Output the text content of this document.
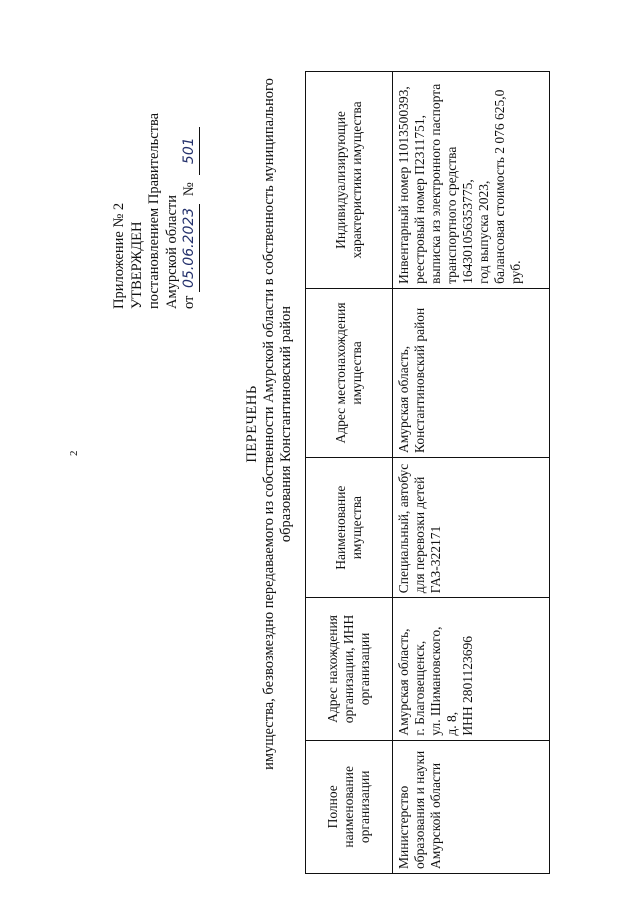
2
Приложение № 2 УТВЕРЖДЕН постановлением Правительства Амурской области от 05.06.2023 № 501
ПЕРЕЧЕНЬ имущества, безвозмездно передаваемого из собственности Амурской области в собственность муниципального образования Константиновский район
Полное наименование организации	Адрес нахождения организации, ИНН организации	Наименование имущества	Адрес местонахождения имущества	Индивидуализирующие характеристики имущества
Министерство образования и науки Амурской области	Амурская область,
г. Благовещенск,
ул. Шимановского,
д. 8,
ИНН 2801123696	Специальный, автобус для перевозки детей ГАЗ-322171	Амурская область, Константиновский район	Инвентарный номер 11013500393,
реестровый номер П2311751,
выписка из электронного паспорта транспортного средства 164301056353775,
год выпуска 2023,
балансовая стоимость 2 076 625,0 руб.
